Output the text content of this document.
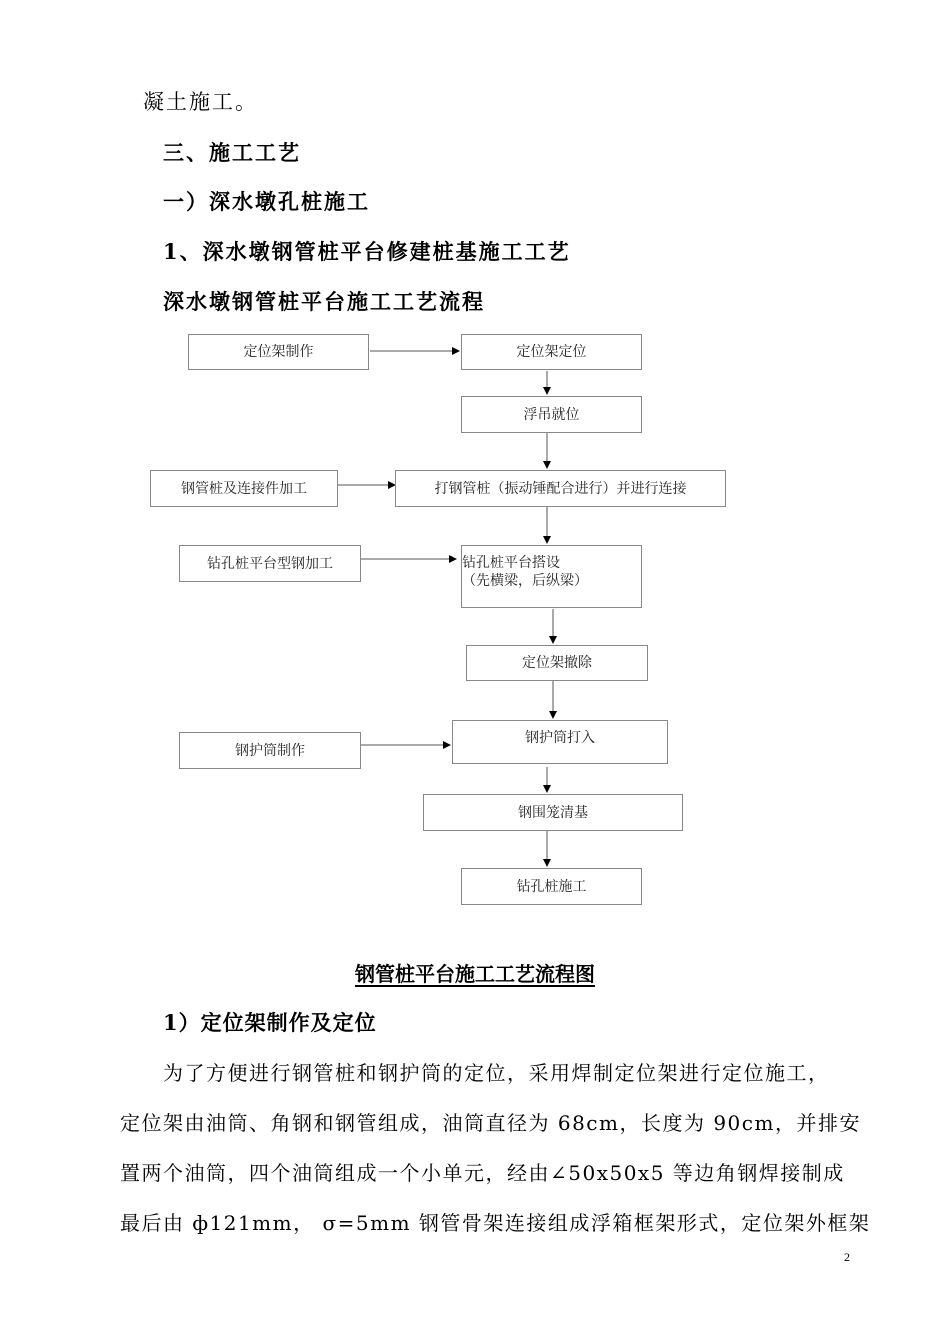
凝土施工。
三、施工工艺
一）深水墩孔桩施工
1、深水墩钢管桩平台修建桩基施工工艺
深水墩钢管桩平台施工工艺流程
定位架制作	定位架定位
浮吊就位
钢管桩及连接件加工	打钢管桩（振动锤配合进行）并进行连接
钻孔桩平台型钢加工	钻孔桩平台搭设
（先横梁，后纵梁）
定位架撤除
钢护筒制作
钢护筒打入
钢围笼清基
钻孔桩施工
钢管桩平台施工工艺流程图
1）定位架制作及定位
为了方便进行钢管桩和钢护筒的定位，采用焊制定位架进行定位施工，
定位架由油筒、角钢和钢管组成，油筒直径为 68cm，长度为 90cm，并排安
置两个油筒，四个油筒组成一个小单元，经由∠50x50x5 等边角钢焊接制成
最后由 ф121mm， σ=5mm 钢管骨架连接组成浮箱框架形式，定位架外框架
2
